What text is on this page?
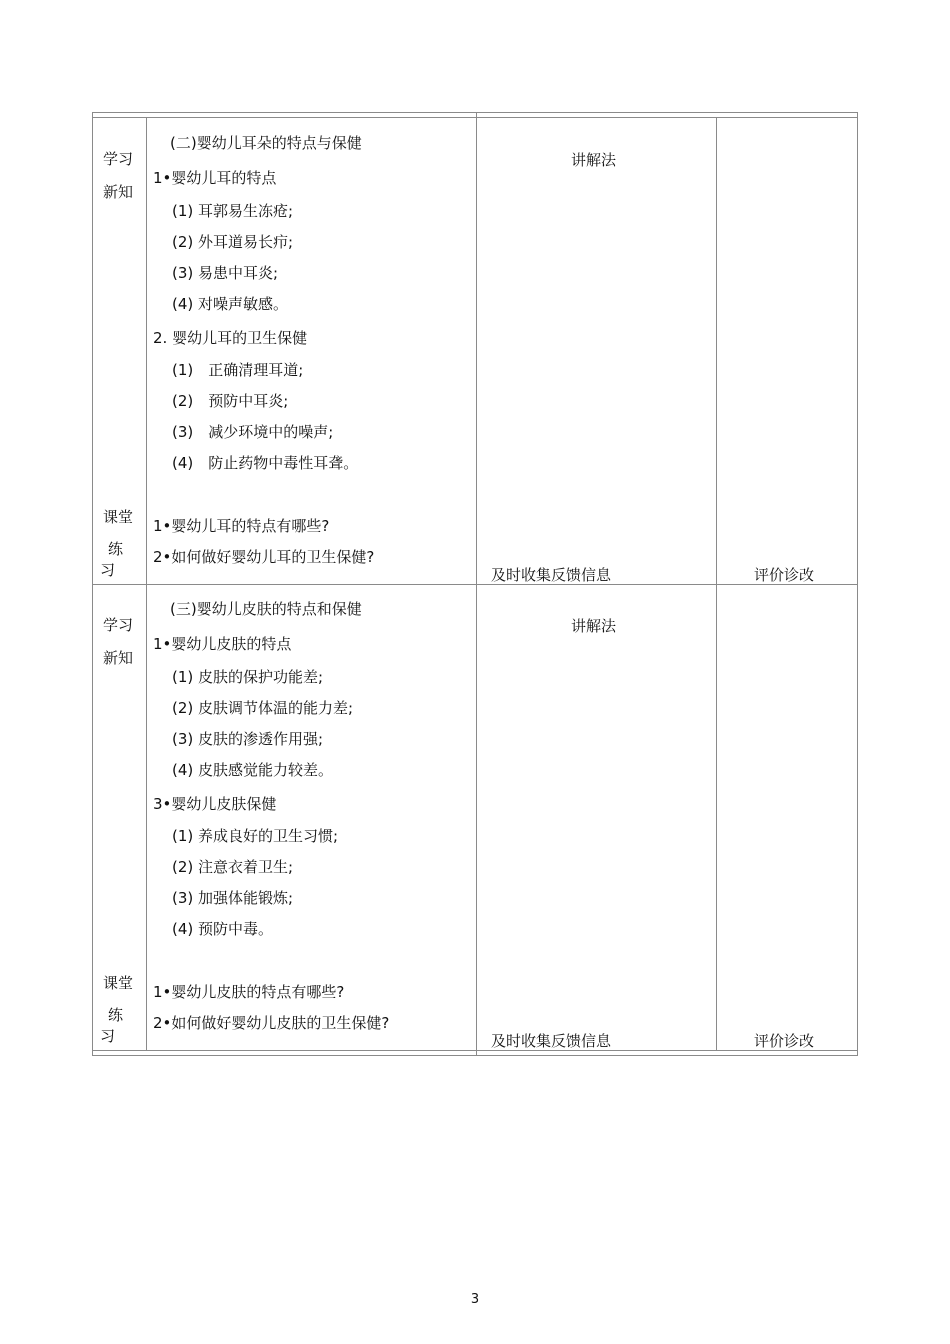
学习
新知
课堂
练
习
(二)婴幼儿耳朵的特点与保健
1•婴幼儿耳的特点
(1) 耳郭易生冻疮;
(2) 外耳道易长疖;
(3) 易患中耳炎;
(4) 对噪声敏感。
2. 婴幼儿耳的卫生保健
(1)　正确清理耳道;
(2)　预防中耳炎;
(3)　减少环境中的噪声;
(4)　防止药物中毒性耳聋。
1•婴幼儿耳的特点有哪些?
2•如何做好婴幼儿耳的卫生保健?
讲解法
及时收集反馈信息	评价诊改
学习
新知
课堂
练
习
(三)婴幼儿皮肤的特点和保健
1•婴幼儿皮肤的特点
(1) 皮肤的保护功能差;
(2) 皮肤调节体温的能力差;
(3) 皮肤的渗透作用强;
(4) 皮肤感觉能力较差。
3•婴幼儿皮肤保健
(1) 养成良好的卫生习惯;
(2) 注意衣着卫生;
(3) 加强体能锻炼;
(4) 预防中毒。
1•婴幼儿皮肤的特点有哪些?
2•如何做好婴幼儿皮肤的卫生保健?
讲解法
及时收集反馈信息	评价诊改
3
